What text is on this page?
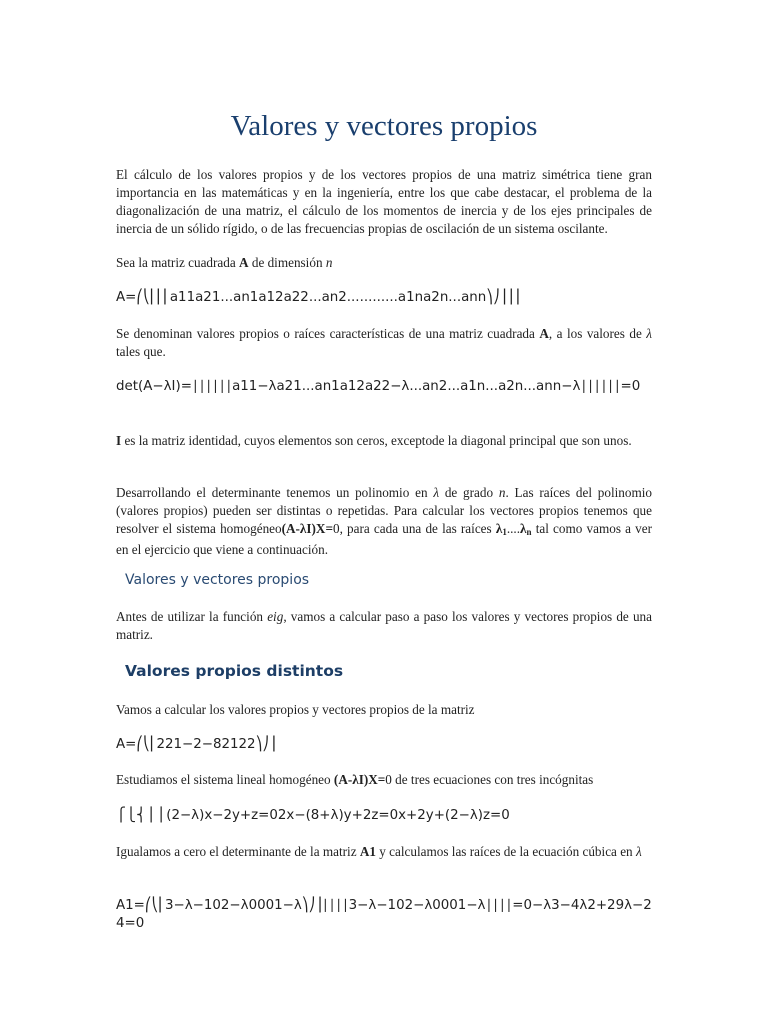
Valores y vectores propios

El cálculo de los valores propios y de los vectores propios de una matriz simétrica tiene gran importancia en las matemáticas y en la ingeniería, entre los que cabe destacar, el problema de la diagonalización de una matriz, el cálculo de los momentos de inercia y de los ejes principales de inercia de un sólido rígido, o de las frecuencias propias de oscilación de un sistema oscilante.

Sea la matriz cuadrada A de dimensión n

A=⎛⎝⎜⎜⎜a11a21...an1a12a22...an2............a1na2n...ann⎞⎠⎟⎟⎟

Se denominan valores propios o raíces características de una matriz cuadrada A, a los valores de λ tales que.

det(A−λI)=∣∣∣∣∣∣a11−λa21...an1a12a22−λ...an2...a1n...a2n...ann−λ∣∣∣∣∣∣=0

I es la matriz identidad, cuyos elementos son ceros, exceptode la diagonal principal que son unos.

Desarrollando el determinante tenemos un polinomio en λ de grado n. Las raíces del polinomio (valores propios) pueden ser distintas o repetidas. Para calcular los vectores propios tenemos que resolver el sistema homogéneo(A-λI)X=0, para cada una de las raíces $\lambda_1....\lambda_n$ tal como vamos a ver en el ejercicio que viene a continuación.

Valores y vectores propios

Antes de utilizar la función eig, vamos a calcular paso a paso los valores y vectores propios de una matriz.

Valores propios distintos

Vamos a calcular los valores propios y vectores propios de la matriz

A=⎛⎝⎜221−2−82122⎞⎠⎟

Estudiamos el sistema lineal homogéneo (A-λI)X=0 de tres ecuaciones con tres incógnitas

⎧⎩⎨⎪⎪(2−λ)x−2y+z=02x−(8+λ)y+2z=0x+2y+(2−λ)z=0

Igualamos a cero el determinante de la matriz A1 y calculamos las raíces de la ecuación cúbica en λ

A1=⎛⎝⎜3−λ−102−λ0001−λ⎞⎠⎟∣∣∣∣3−λ−102−λ0001−λ∣∣∣∣=0−λ3−4λ2+29λ−24=0
